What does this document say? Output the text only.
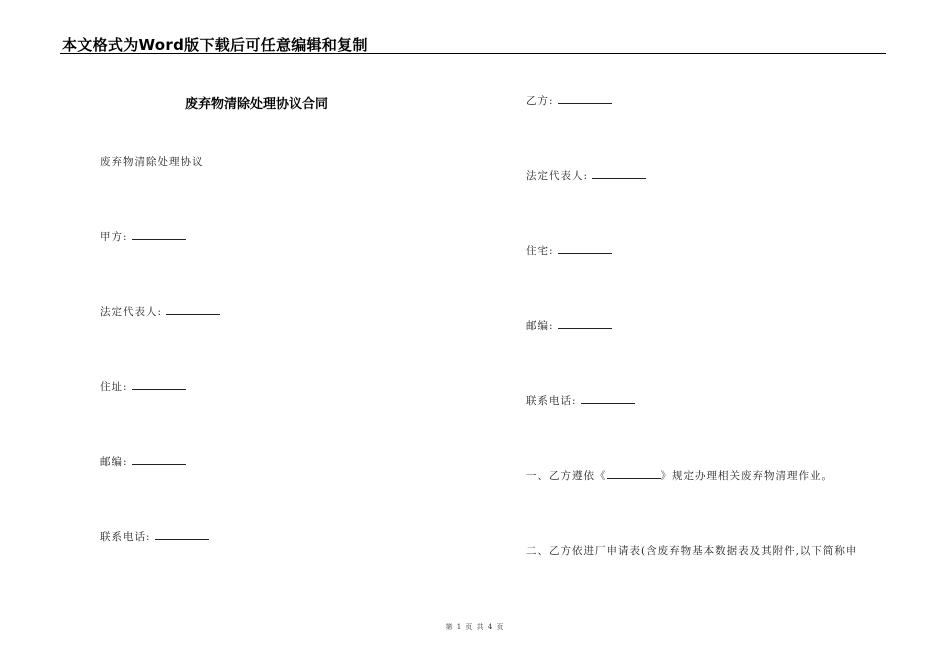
本文格式为Word版下载后可任意编辑和复制
废弃物清除处理协议合同
废弃物清除处理协议
甲方:
法定代表人:
住址:
邮编:
联系电话:
乙方:
法定代表人:
住宅:
邮编:
联系电话:
一、乙方遵依《	》规定办理相关废弃物清理作业。
二、乙方依进厂申请表(含废弃物基本数据表及其附件,以下简称申
第 1 页 共 4 页
